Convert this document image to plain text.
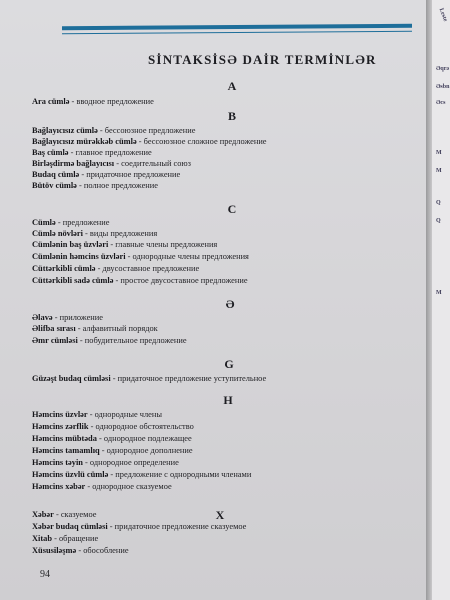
Leste
Əqrə
Əsbn
Əcs
M
M
Q
Q
M
SİNTAKSİSƏ DAİR TERMİNLƏR
A
Ara cümlə - вводное предложение
B
Bağlayıcısız cümlə - бессоюзное предложение
Bağlayıcısız mürəkkəb cümlə - бессоюзное сложное предложение
Baş cümlə - главное предложение
Birləşdirmə bağlayıcısı - соедительный союз
Budaq cümlə - придаточное предложение
Bütöv cümlə - полное предложение
C
Cümlə - предложение
Cümlə növləri - виды предложения
Cümlənin baş üzvləri - главные члены предложения
Cümlənin həmcins üzvləri - однородные члены предложения
Cüttərkibli cümlə - двусоставное предложение
Cüttərkibli sadə cümlə - простое двусоставное предложение
Ə
Əlavə - приложение
Əlifba sırası - алфавитный порядок
Əmr cümləsi - побудительное предложение
G
Güzəşt budaq cümləsi - придаточное предложение уступительное
H
Həmcins üzvlər - однородные члены
Həmcins zərflik - однородное обстоятельство
Həmcins mübtəda - однородное подлежащее
Həmcins tamamlıq - однородное дополнение
Həmcins təyin - однородное определение
Həmcins üzvlü cümlə - предложение с однородными членами
Həmcins xəbər - однородное сказуемое
X
Xəbər - сказуемое
Xəbər budaq cümləsi - придаточное предложение сказуемое
Xitab - обращение
Xüsusiləşmə - обособление
94
